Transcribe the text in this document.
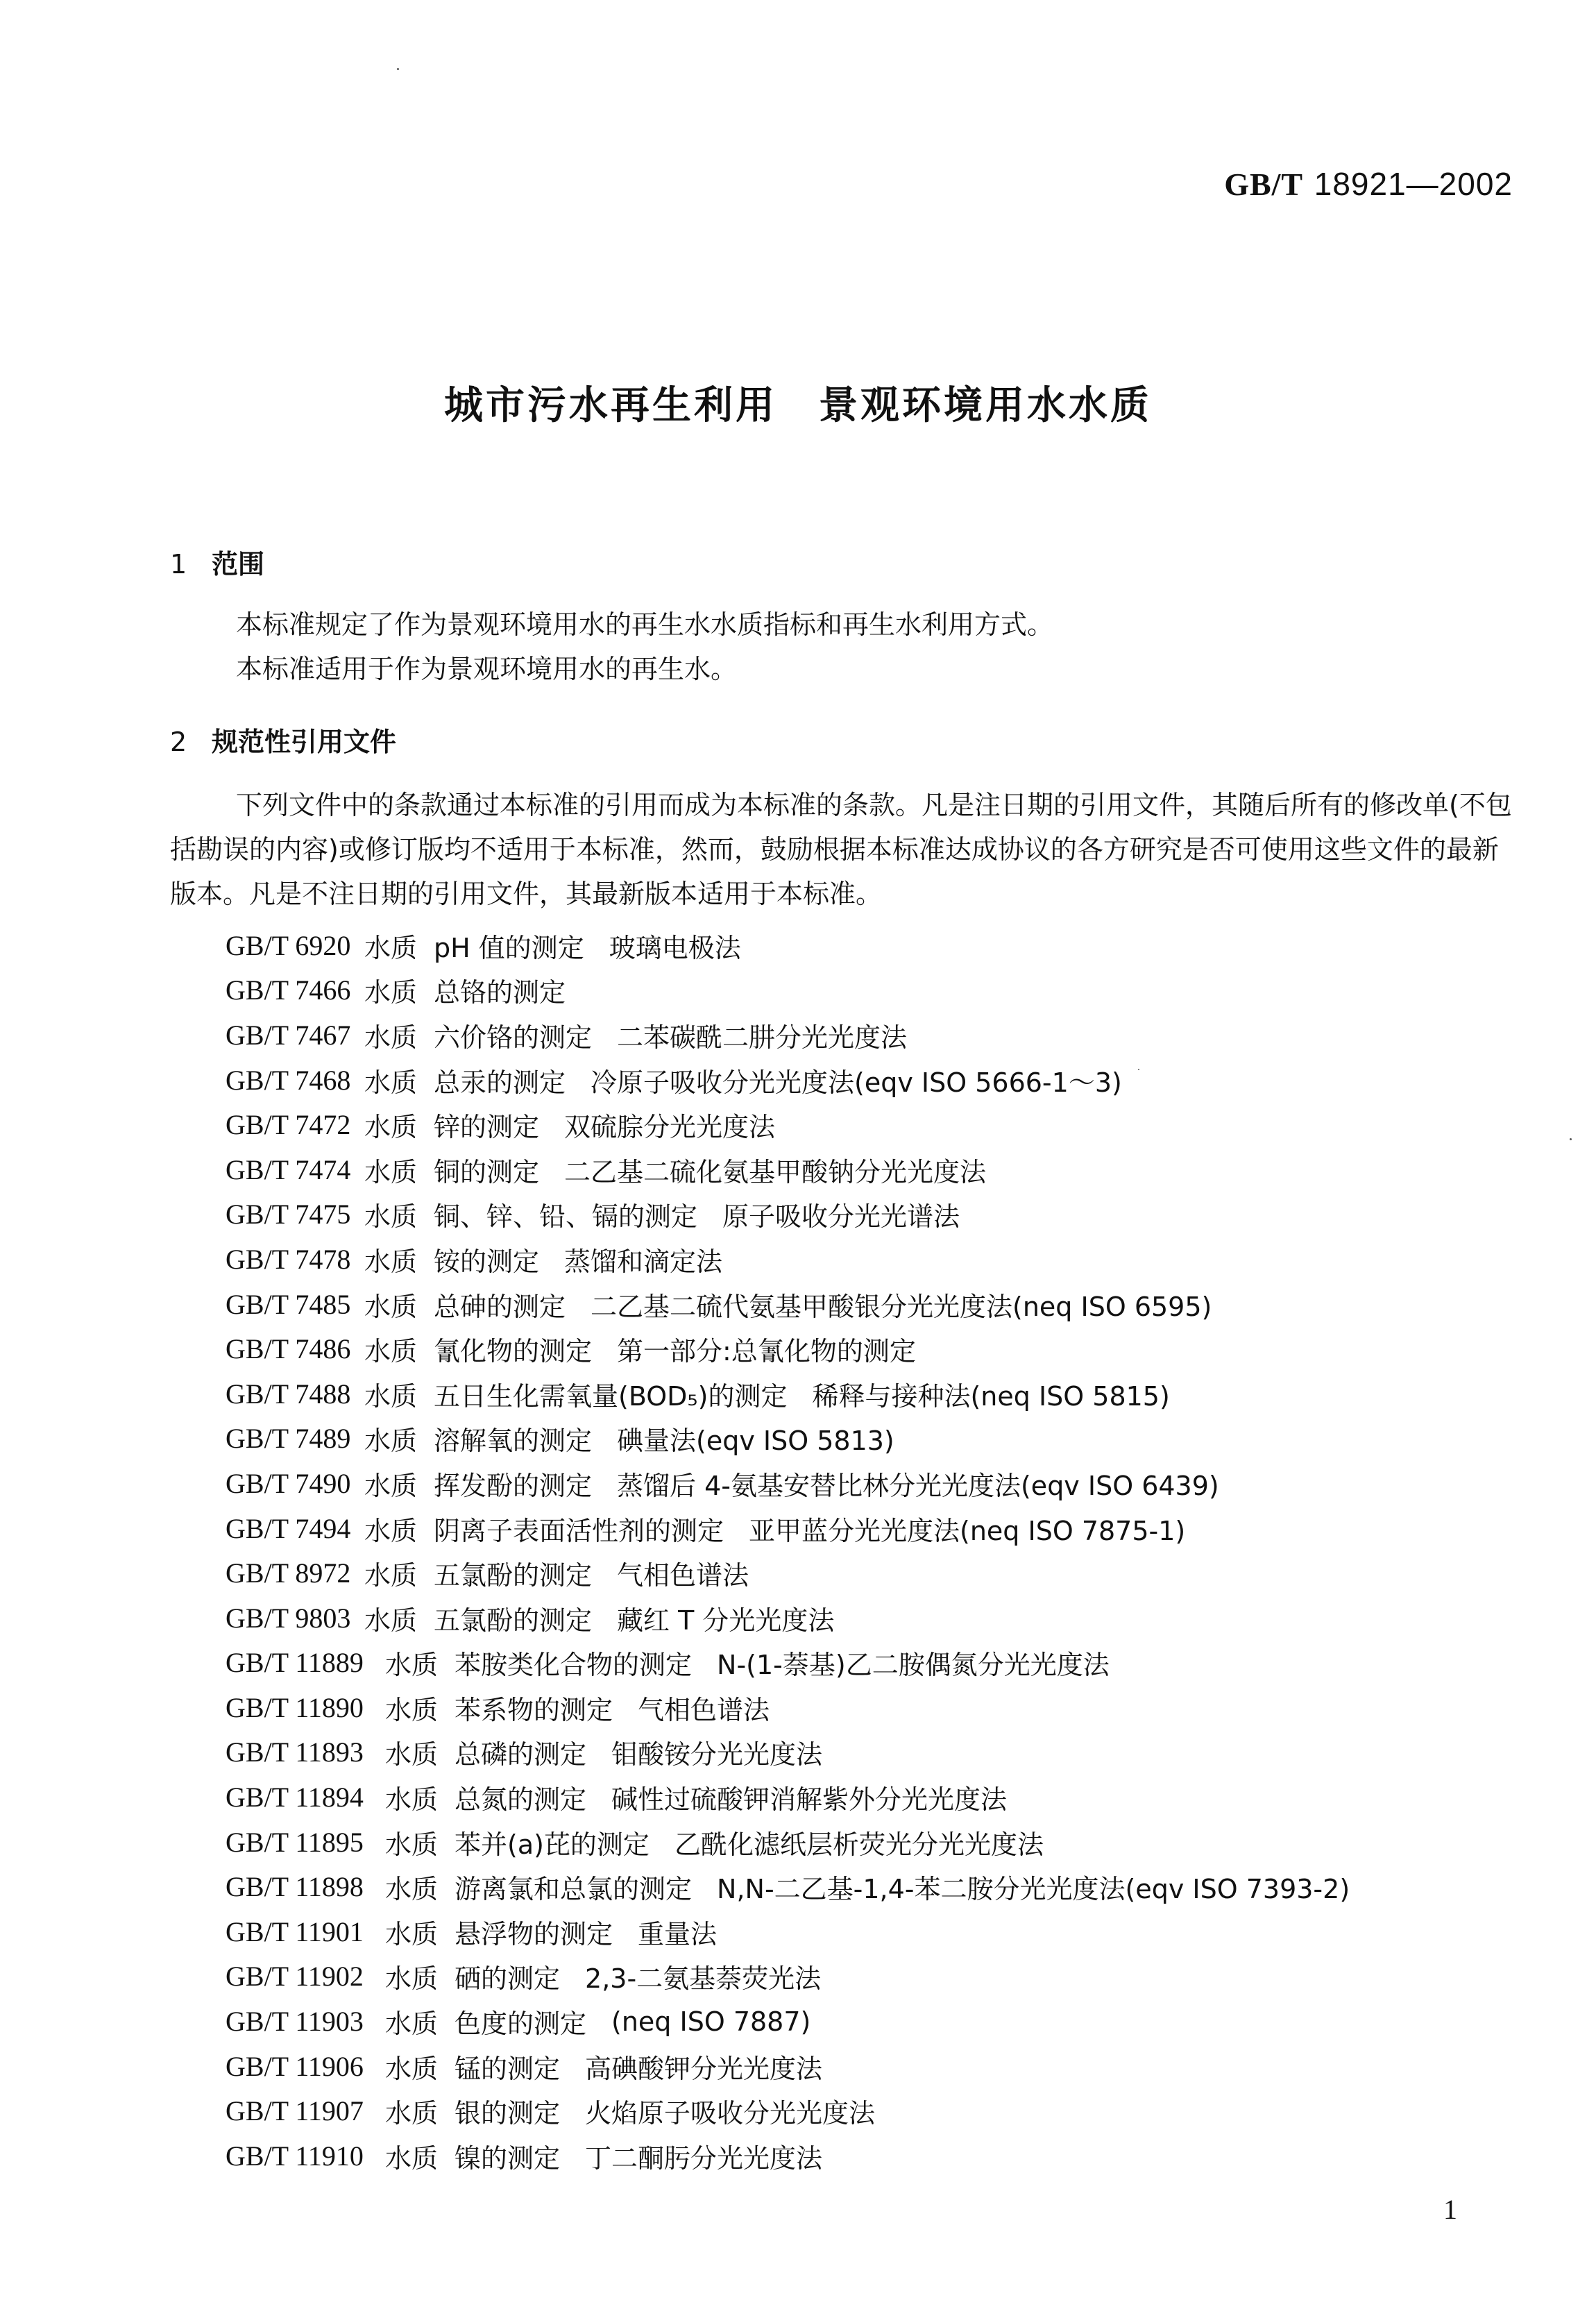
GB/T 18921—2002
城市污水再生利用 景观环境用水水质
1 范围
本标准规定了作为景观环境用水的再生水水质指标和再生水利用方式。
本标准适用于作为景观环境用水的再生水。
2 规范性引用文件
下列文件中的条款通过本标准的引用而成为本标准的条款。凡是注日期的引用文件，其随后所有的修改单(不包括勘误的内容)或修订版均不适用于本标准，然而，鼓励根据本标准达成协议的各方研究是否可使用这些文件的最新版本。凡是不注日期的引用文件，其最新版本适用于本标准。
GB/T 6920 水质 pH 值的测定 玻璃电极法
GB/T 7466 水质 总铬的测定
GB/T 7467 水质 六价铬的测定 二苯碳酰二肼分光光度法
GB/T 7468 水质 总汞的测定 冷原子吸收分光光度法(eqv ISO 5666-1～3)
GB/T 7472 水质 锌的测定 双硫腙分光光度法
GB/T 7474 水质 铜的测定 二乙基二硫化氨基甲酸钠分光光度法
GB/T 7475 水质 铜、锌、铅、镉的测定 原子吸收分光光谱法
GB/T 7478 水质 铵的测定 蒸馏和滴定法
GB/T 7485 水质 总砷的测定 二乙基二硫代氨基甲酸银分光光度法(neq ISO 6595)
GB/T 7486 水质 氰化物的测定 第一部分:总氰化物的测定
GB/T 7488 水质 五日生化需氧量(BOD₅)的测定 稀释与接种法(neq ISO 5815)
GB/T 7489 水质 溶解氧的测定 碘量法(eqv ISO 5813)
GB/T 7490 水质 挥发酚的测定 蒸馏后 4-氨基安替比林分光光度法(eqv ISO 6439)
GB/T 7494 水质 阴离子表面活性剂的测定 亚甲蓝分光光度法(neq ISO 7875-1)
GB/T 8972 水质 五氯酚的测定 气相色谱法
GB/T 9803 水质 五氯酚的测定 藏红 T 分光光度法
GB/T 11889 水质 苯胺类化合物的测定 N-(1-萘基)乙二胺偶氮分光光度法
GB/T 11890 水质 苯系物的测定 气相色谱法
GB/T 11893 水质 总磷的测定 钼酸铵分光光度法
GB/T 11894 水质 总氮的测定 碱性过硫酸钾消解紫外分光光度法
GB/T 11895 水质 苯并(a)芘的测定 乙酰化滤纸层析荧光分光光度法
GB/T 11898 水质 游离氯和总氯的测定 N,N-二乙基-1,4-苯二胺分光光度法(eqv ISO 7393-2)
GB/T 11901 水质 悬浮物的测定 重量法
GB/T 11902 水质 硒的测定 2,3-二氨基萘荧光法
GB/T 11903 水质 色度的测定 (neq ISO 7887)
GB/T 11906 水质 锰的测定 高碘酸钾分光光度法
GB/T 11907 水质 银的测定 火焰原子吸收分光光度法
GB/T 11910 水质 镍的测定 丁二酮肟分光光度法
1
